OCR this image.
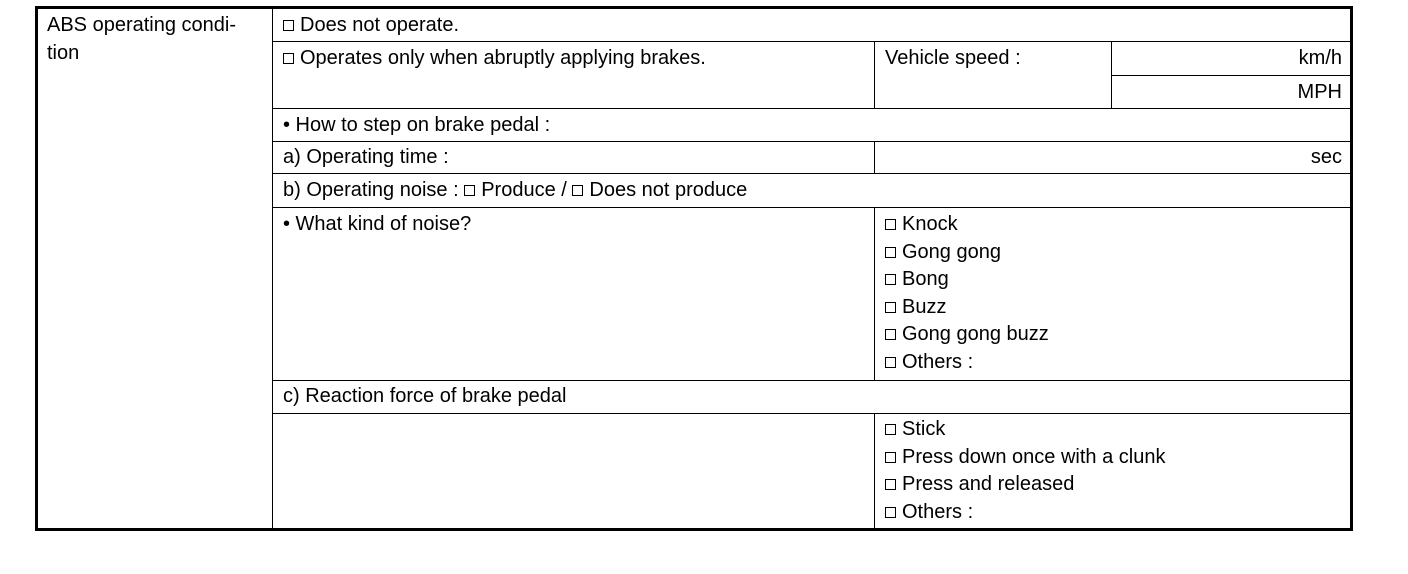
ABS operating condi-
tion
Does not operate.
Operates only when abruptly applying brakes.	Vehicle speed :	km/h
MPH
• How to step on brake pedal :
a) Operating time :	sec
b) Operating noise : Produce / Does not produce
• What kind of noise?	Knock
Gong gong
Bong
Buzz
Gong gong buzz
Others :
c) Reaction force of brake pedal
Stick
Press down once with a clunk
Press and released
Others :
